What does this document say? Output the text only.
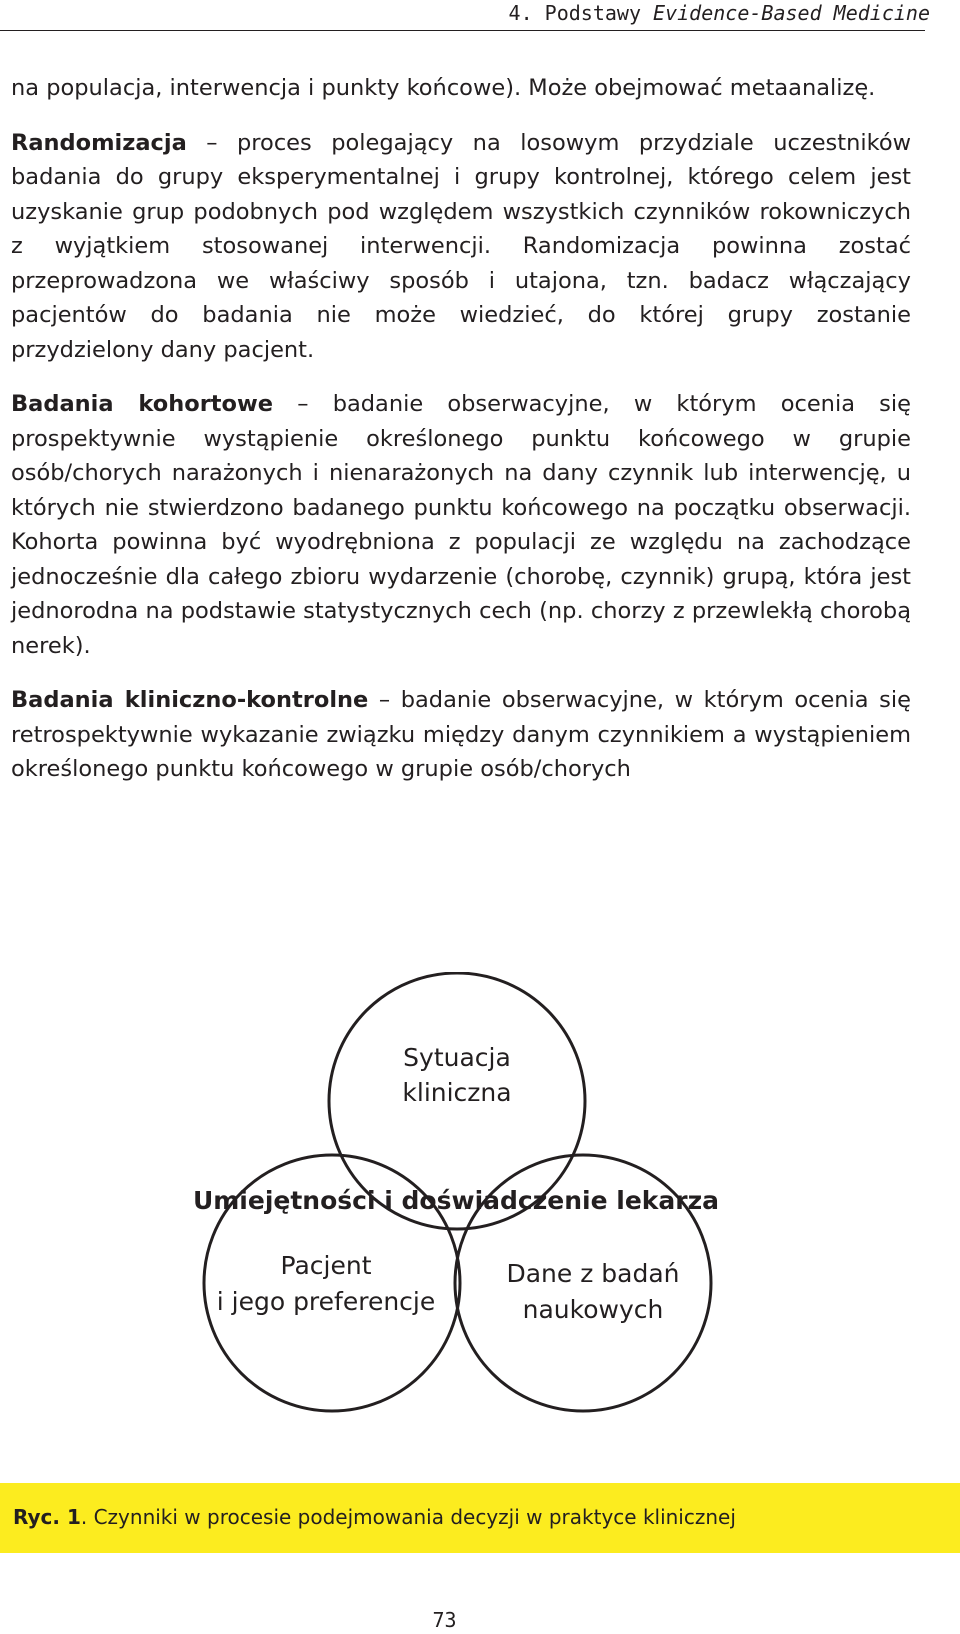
4. Podstawy Evidence-Based Medicine

na populacja, interwencja i punkty końcowe). Może obejmować metaanalizę.

Randomizacja – proces polegający na losowym przydziale uczestników badania do grupy eksperymentalnej i grupy kontrolnej, którego celem jest uzyskanie grup podobnych pod względem wszystkich czynników rokowniczych z wyjątkiem stosowanej interwencji. Randomizacja powinna zostać przeprowadzona we właściwy sposób i utajona, tzn. badacz włączający pacjentów do badania nie może wiedzieć, do której grupy zostanie przydzielony dany pacjent.

Badania kohortowe – badanie obserwacyjne, w którym ocenia się prospektywnie wystąpienie określonego punktu końcowego w grupie osób/chorych narażonych i nienarażonych na dany czynnik lub interwencję, u których nie stwierdzono badanego punktu końcowego na początku obserwacji. Kohorta powinna być wyodrębniona z populacji ze względu na zachodzące jednocześnie dla całego zbioru wydarzenie (chorobę, czynnik) grupą, która jest jednorodna na podstawie statystycznych cech (np. chorzy z przewlekłą chorobą nerek).

Badania kliniczno-kontrolne – badanie obserwacyjne, w którym ocenia się retrospektywnie wykazanie związku między danym czynnikiem a wystąpieniem określonego punktu końcowego w grupie osób/chorych

Sytuacja
kliniczna
Umiejętności i doświadczenie lekarza
Pacjent
i jego preferencje
Dane z badań
naukowych
Ryc. 1. Czynniki w procesie podejmowania decyzji w praktyce klinicznej
73
